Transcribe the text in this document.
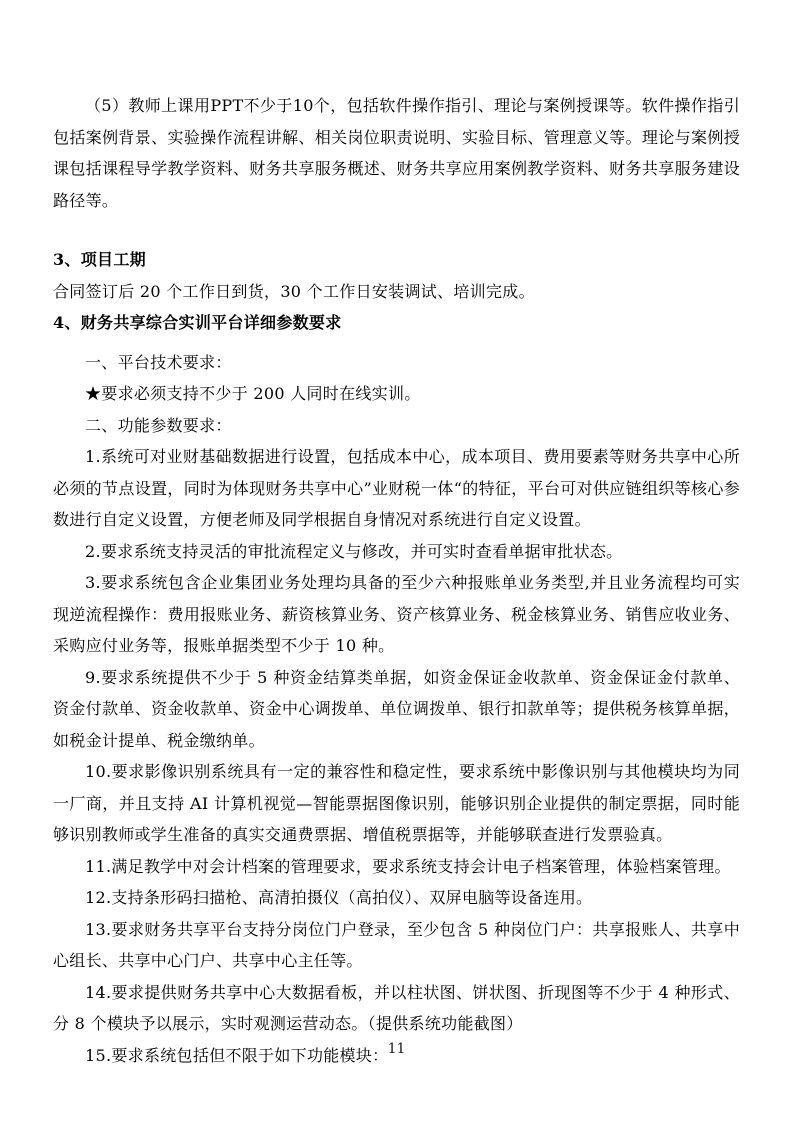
（5）教师上课用PPT不少于10个，包括软件操作指引、理论与案例授课等。软件操作指引包括案例背景、实验操作流程讲解、相关岗位职责说明、实验目标、管理意义等。理论与案例授课包括课程导学教学资料、财务共享服务概述、财务共享应用案例教学资料、财务共享服务建设路径等。

3、项目工期

合同签订后 20 个工作日到货，30 个工作日安装调试、培训完成。

4、财务共享综合实训平台详细参数要求

一、平台技术要求：

★要求必须支持不少于 200 人同时在线实训。

二、功能参数要求：

1.系统可对业财基础数据进行设置，包括成本中心，成本项目、费用要素等财务共享中心所必须的节点设置，同时为体现财务共享中心”业财税一体“的特征，平台可对供应链组织等核心参数进行自定义设置，方便老师及同学根据自身情况对系统进行自定义设置。

2.要求系统支持灵活的审批流程定义与修改，并可实时查看单据审批状态。

3.要求系统包含企业集团业务处理均具备的至少六种报账单业务类型,并且业务流程均可实现逆流程操作：费用报账业务、薪资核算业务、资产核算业务、税金核算业务、销售应收业务、采购应付业务等，报账单据类型不少于 10 种。

9.要求系统提供不少于 5 种资金结算类单据，如资金保证金收款单、资金保证金付款单、资金付款单、资金收款单、资金中心调拨单、单位调拨单、银行扣款单等；提供税务核算单据，如税金计提单、税金缴纳单。

10.要求影像识别系统具有一定的兼容性和稳定性，要求系统中影像识别与其他模块均为同一厂商，并且支持 AI 计算机视觉—智能票据图像识别，能够识别企业提供的制定票据，同时能够识别教师或学生准备的真实交通费票据、增值税票据等，并能够联查进行发票验真。

11.满足教学中对会计档案的管理要求，要求系统支持会计电子档案管理，体验档案管理。

12.支持条形码扫描枪、高清拍摄仪（高拍仪）、双屏电脑等设备连用。

13.要求财务共享平台支持分岗位门户登录，至少包含 5 种岗位门户：共享报账人、共享中心组长、共享中心门户、共享中心主任等。

14.要求提供财务共享中心大数据看板，并以柱状图、饼状图、折现图等不少于 4 种形式、分 8 个模块予以展示，实时观测运营动态。（提供系统功能截图）

15.要求系统包括但不限于如下功能模块： 11
